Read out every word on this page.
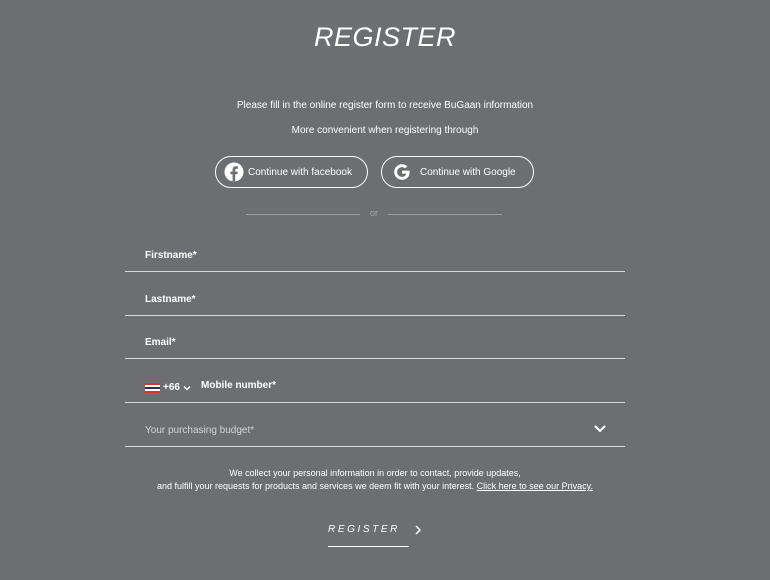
REGISTER

Please fill in the online register form to receive BuGaan information

More convenient when registering through

Continue with facebook	Continue with Google
or
Firstname*
Lastname*
Email*
+66 Mobile number*
Your purchasing budget*
We collect your personal information in order to contact, provide updates,
and fulfill your requests for products and services we deem fit with your interest. Click here to see our Privacy.
REGISTER
